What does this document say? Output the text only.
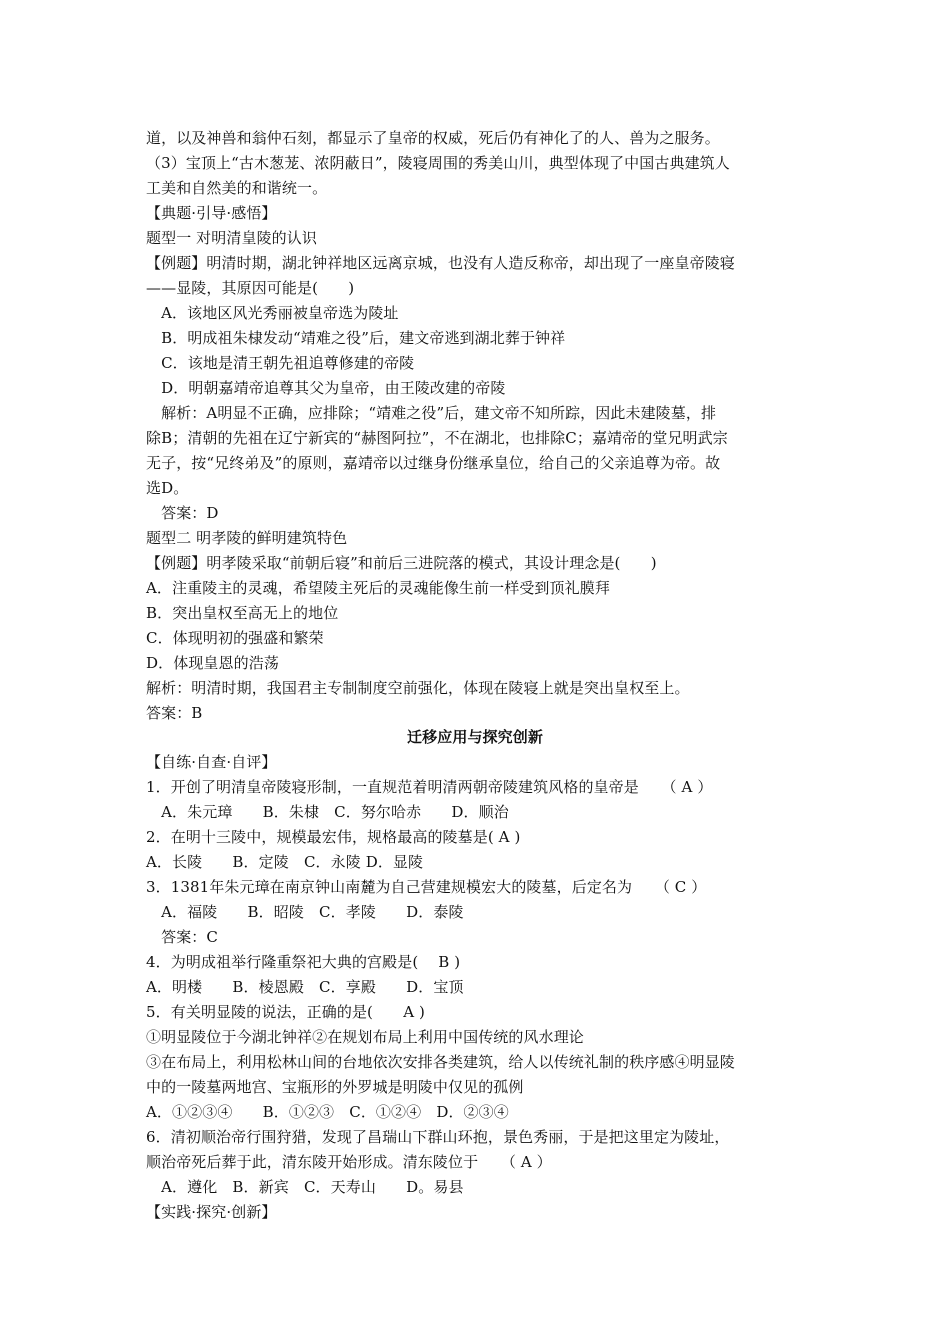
道，以及神兽和翁仲石刻，都显示了皇帝的权威，死后仍有神化了的人、兽为之服务。
（3）宝顶上“古木葱茏、浓阴蔽日”，陵寝周围的秀美山川，典型体现了中国古典建筑人
工美和自然美的和谐统一。
【典题·引导·感悟】
题型一 对明清皇陵的认识
【例题】明清时期，湖北钟祥地区远离京城，也没有人造反称帝，却出现了一座皇帝陵寝
——显陵，其原因可能是(　　)
　A．该地区风光秀丽被皇帝选为陵址
　B．明成祖朱棣发动“靖难之役”后，建文帝逃到湖北葬于钟祥
　C．该地是清王朝先祖追尊修建的帝陵
　D．明朝嘉靖帝追尊其父为皇帝，由王陵改建的帝陵
　解析：A明显不正确，应排除；“靖难之役”后，建文帝不知所踪，因此未建陵墓，排
除B；清朝的先祖在辽宁新宾的“赫图阿拉”，不在湖北，也排除C；嘉靖帝的堂兄明武宗
无子，按“兄终弟及”的原则，嘉靖帝以过继身份继承皇位，给自己的父亲追尊为帝。故
选D。
　答案：D
题型二 明孝陵的鲜明建筑特色
【例题】明孝陵采取“前朝后寝”和前后三进院落的模式，其设计理念是(　　)
A．注重陵主的灵魂，希望陵主死后的灵魂能像生前一样受到顶礼膜拜
B．突出皇权至高无上的地位
C．体现明初的强盛和繁荣
D．体现皇恩的浩荡
解析：明清时期，我国君主专制制度空前强化，体现在陵寝上就是突出皇权至上。
答案：B
迁移应用与探究创新
【自练·自查·自评】
1．开创了明清皇帝陵寝形制，一直规范着明清两朝帝陵建筑风格的皇帝是　　（ A ）
　A．朱元璋　　B．朱棣　C．努尔哈赤　　D．顺治
2．在明十三陵中，规模最宏伟，规格最高的陵墓是( A )
A．长陵　　B．定陵　C．永陵 D．显陵
3．1381年朱元璋在南京钟山南麓为自己营建规模宏大的陵墓，后定名为　　（ C ）
　A．福陵　　B．昭陵　C．孝陵　　D．泰陵
　答案：C
4．为明成祖举行隆重祭祀大典的宫殿是(　 B )
A．明楼　　B．棱恩殿　C．享殿　　D．宝顶
5．有关明显陵的说法，正确的是(　　A )
①明显陵位于今湖北钟祥②在规划布局上利用中国传统的风水理论
③在布局上，利用松林山间的台地依次安排各类建筑，给人以传统礼制的秩序感④明显陵
中的一陵墓两地宫、宝瓶形的外罗城是明陵中仅见的孤例
A．①②③④　　B．①②③　C．①②④　D．②③④
6．清初顺治帝行围狩猎，发现了昌瑞山下群山环抱，景色秀丽，于是把这里定为陵址，
顺治帝死后葬于此，清东陵开始形成。清东陵位于　　（ A ）
　A．遵化　B．新宾　C．天寿山　　D。易县
【实践·探究·创新】
